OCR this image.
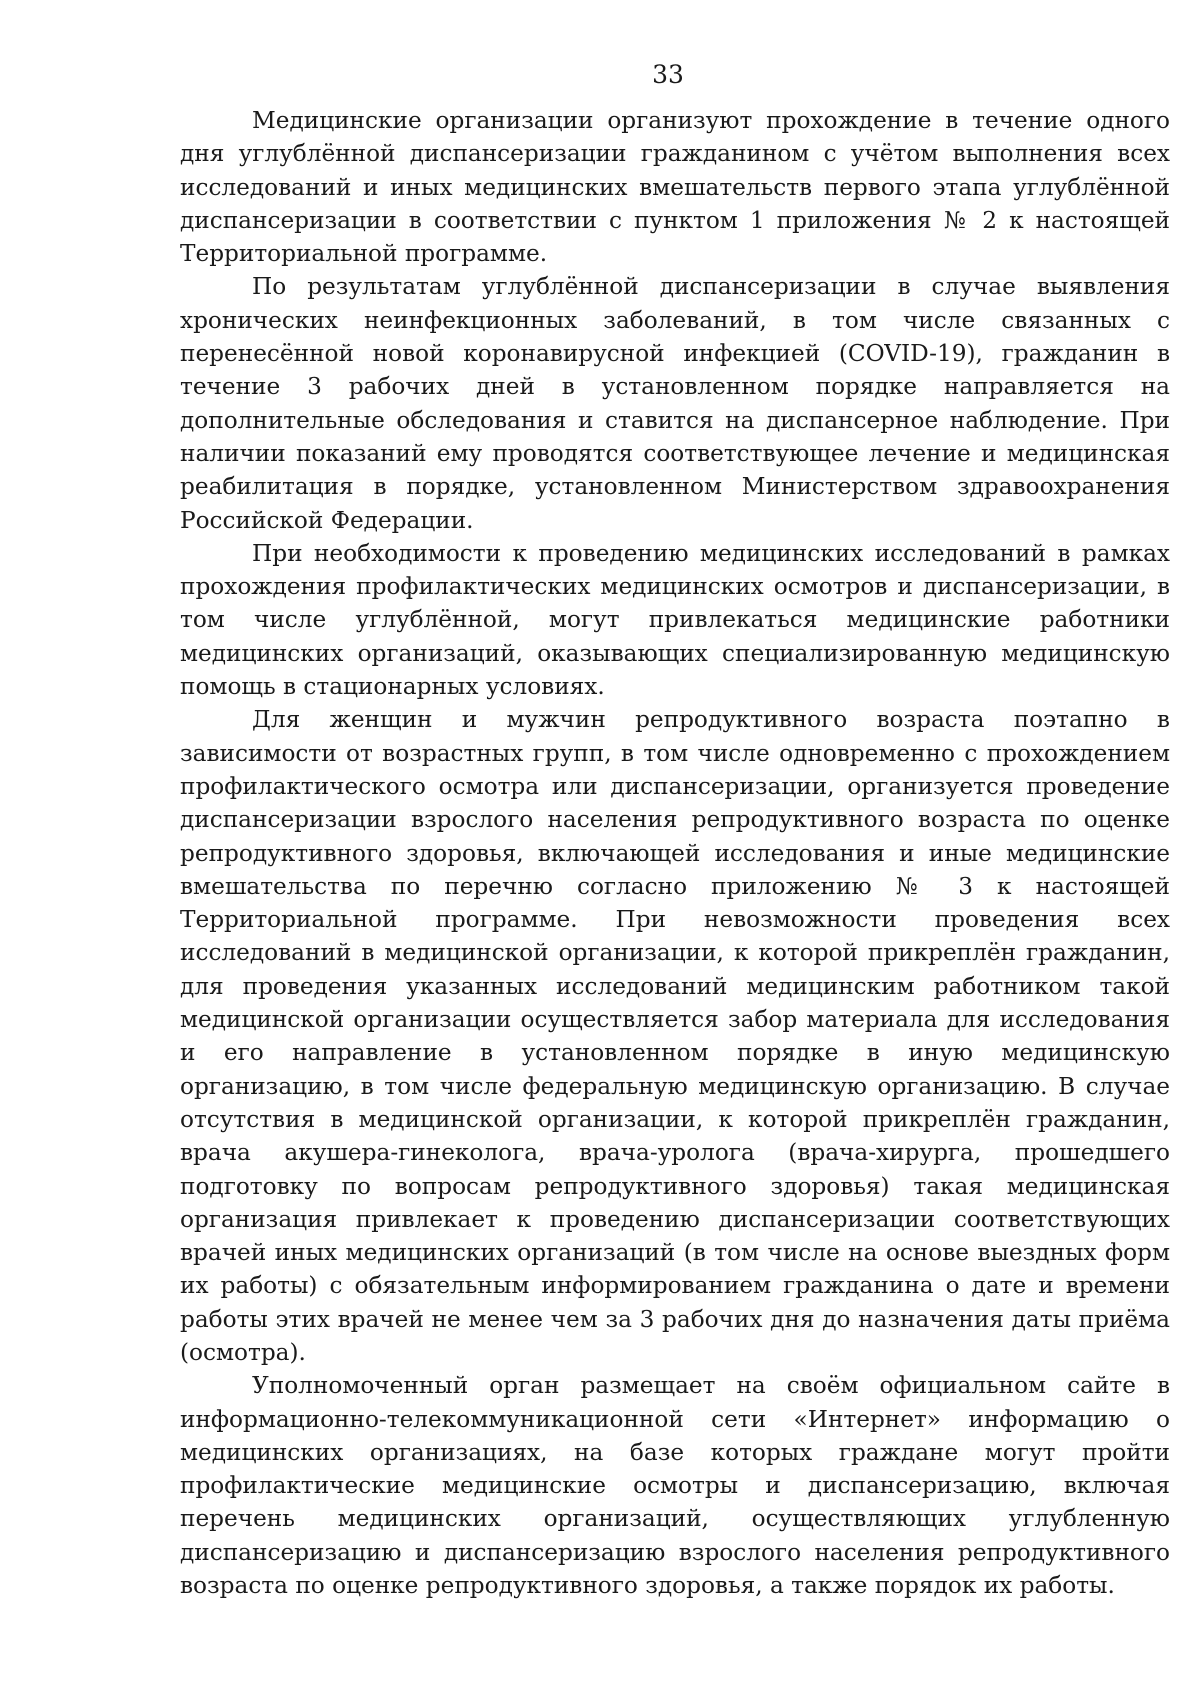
33

Медицинские организации организуют прохождение в течение одного дня углублённой диспансеризации гражданином с учётом выполнения всех исследований и иных медицинских вмешательств первого этапа углублённой диспансеризации в соответствии с пунктом 1 приложения № 2 к настоящей Территориальной программе.

По результатам углублённой диспансеризации в случае выявления хронических неинфекционных заболеваний, в том числе связанных с перенесённой новой коронавирусной инфекцией (COVID-19), гражданин в течение 3 рабочих дней в установленном порядке направляется на дополнительные обследования и ставится на диспансерное наблюдение. При наличии показаний ему проводятся соответствующее лечение и медицинская реабилитация в порядке, установленном Министерством здравоохранения Российской Федерации.

При необходимости к проведению медицинских исследований в рамках прохождения профилактических медицинских осмотров и диспансеризации, в том числе углублённой, могут привлекаться медицинские работники медицинских организаций, оказывающих специализированную медицинскую помощь в стационарных условиях.

Для женщин и мужчин репродуктивного возраста поэтапно в зависимости от возрастных групп, в том числе одновременно с прохождением профилактического осмотра или диспансеризации, организуется проведение диспансеризации взрослого населения репродуктивного возраста по оценке репродуктивного здоровья, включающей исследования и иные медицинские вмешательства по перечню согласно приложению № 3 к настоящей Территориальной программе. При невозможности проведения всех исследований в медицинской организации, к которой прикреплён гражданин, для проведения указанных исследований медицинским работником такой медицинской организации осуществляется забор материала для исследования и его направление в установленном порядке в иную медицинскую организацию, в том числе федеральную медицинскую организацию. В случае отсутствия в медицинской организации, к которой прикреплён гражданин, врача акушера-гинеколога, врача-уролога (врача-хирурга, прошедшего подготовку по вопросам репродуктивного здоровья) такая медицинская организация привлекает к проведению диспансеризации соответствующих врачей иных медицинских организаций (в том числе на основе выездных форм их работы) с обязательным информированием гражданина о дате и времени работы этих врачей не менее чем за 3 рабочих дня до назначения даты приёма (осмотра).

Уполномоченный орган размещает на своём официальном сайте в информационно-телекоммуникационной сети «Интернет» информацию о медицинских организациях, на базе которых граждане могут пройти профилактические медицинские осмотры и диспансеризацию, включая перечень медицинских организаций, осуществляющих углубленную диспансеризацию и диспансеризацию взрослого населения репродуктивного возраста по оценке репродуктивного здоровья, а также порядок их работы.
